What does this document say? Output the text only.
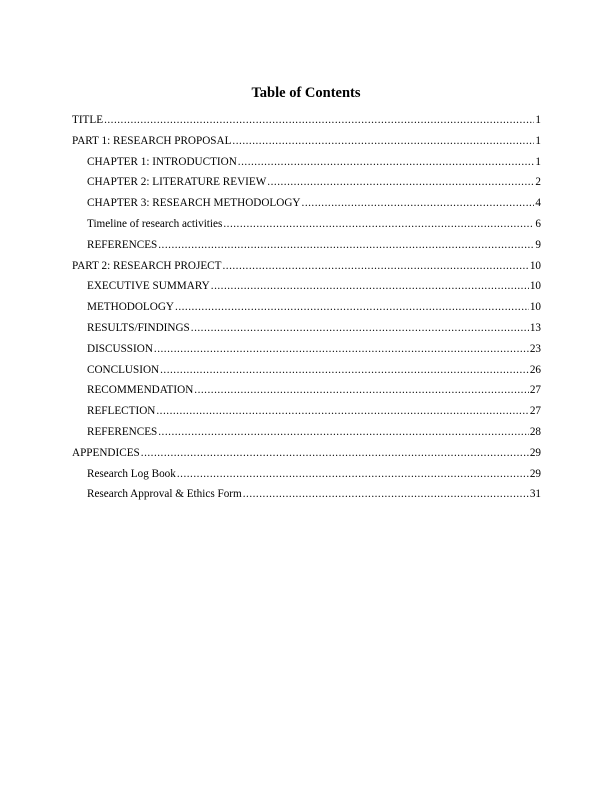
Table of Contents
TITLE .....	1
PART 1: RESEARCH PROPOSAL .....	1
CHAPTER 1: INTRODUCTION .....	1
CHAPTER 2: LITERATURE REVIEW .....	2
CHAPTER 3: RESEARCH METHODOLOGY .....	4
Timeline of research activities .....	6
REFERENCES .....	9
PART 2: RESEARCH PROJECT .....	10
EXECUTIVE SUMMARY .....	10
METHODOLOGY .....	10
RESULTS/FINDINGS .....	13
DISCUSSION .....	23
CONCLUSION .....	26
RECOMMENDATION .....	27
REFLECTION .....	27
REFERENCES .....	28
APPENDICES .....	29
Research Log Book .....	29
Research Approval & Ethics Form .....	31
